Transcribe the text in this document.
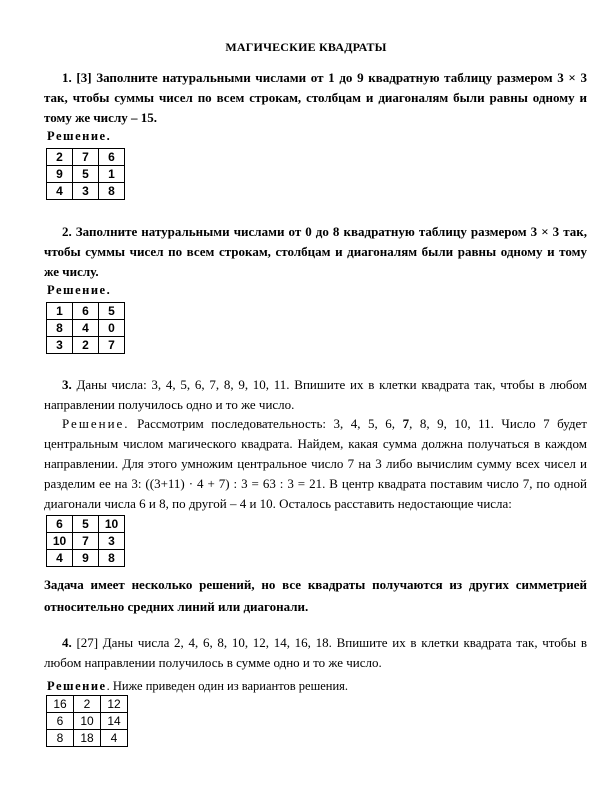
МАГИЧЕСКИЕ КВАДРАТЫ
1. [3] Заполните натуральными числами от 1 до 9 квадратную таблицу размером 3 × 3 так, чтобы суммы чисел по всем строкам, столбцам и диагоналям были равны одному и тому же числу – 15.
Решение.
2	7	6
9	5	1
4	3	8
2. Заполните натуральными числами от 0 до 8 квадратную таблицу размером 3 × 3 так, чтобы суммы чисел по всем строкам, столбцам и диагоналям были равны одному и тому же числу.
Решение.
1	6	5
8	4	0
3	2	7
3. Даны числа: 3, 4, 5, 6, 7, 8, 9, 10, 11. Впишите их в клетки квадрата так, чтобы в любом направлении получилось одно и то же число.
Решение. Рассмотрим последовательность: 3, 4, 5, 6, 7, 8, 9, 10, 11. Число 7 будет центральным числом магического квадрата. Найдем, какая сумма должна получаться в каждом направлении. Для этого умножим центральное число 7 на 3 либо вычислим сумму всех чисел и разделим ее на 3: ((3+11) · 4 + 7) : 3 = 63 : 3 = 21. В центр квадрата поставим число 7, по одной диагонали числа 6 и 8, по другой – 4 и 10. Осталось расставить недостающие числа:
6	5	10
10	7	3
4	9	8
Задача имеет несколько решений, но все квадраты получаются из других симметрией относительно средних линий или диагонали.
4. [27] Даны числа 2, 4, 6, 8, 10, 12, 14, 16, 18. Впишите их в клетки квадрата так, чтобы в любом направлении получилось в сумме одно и то же число.
Решение. Ниже приведен один из вариантов решения.
16	2	12
6	10	14
8	18	4
